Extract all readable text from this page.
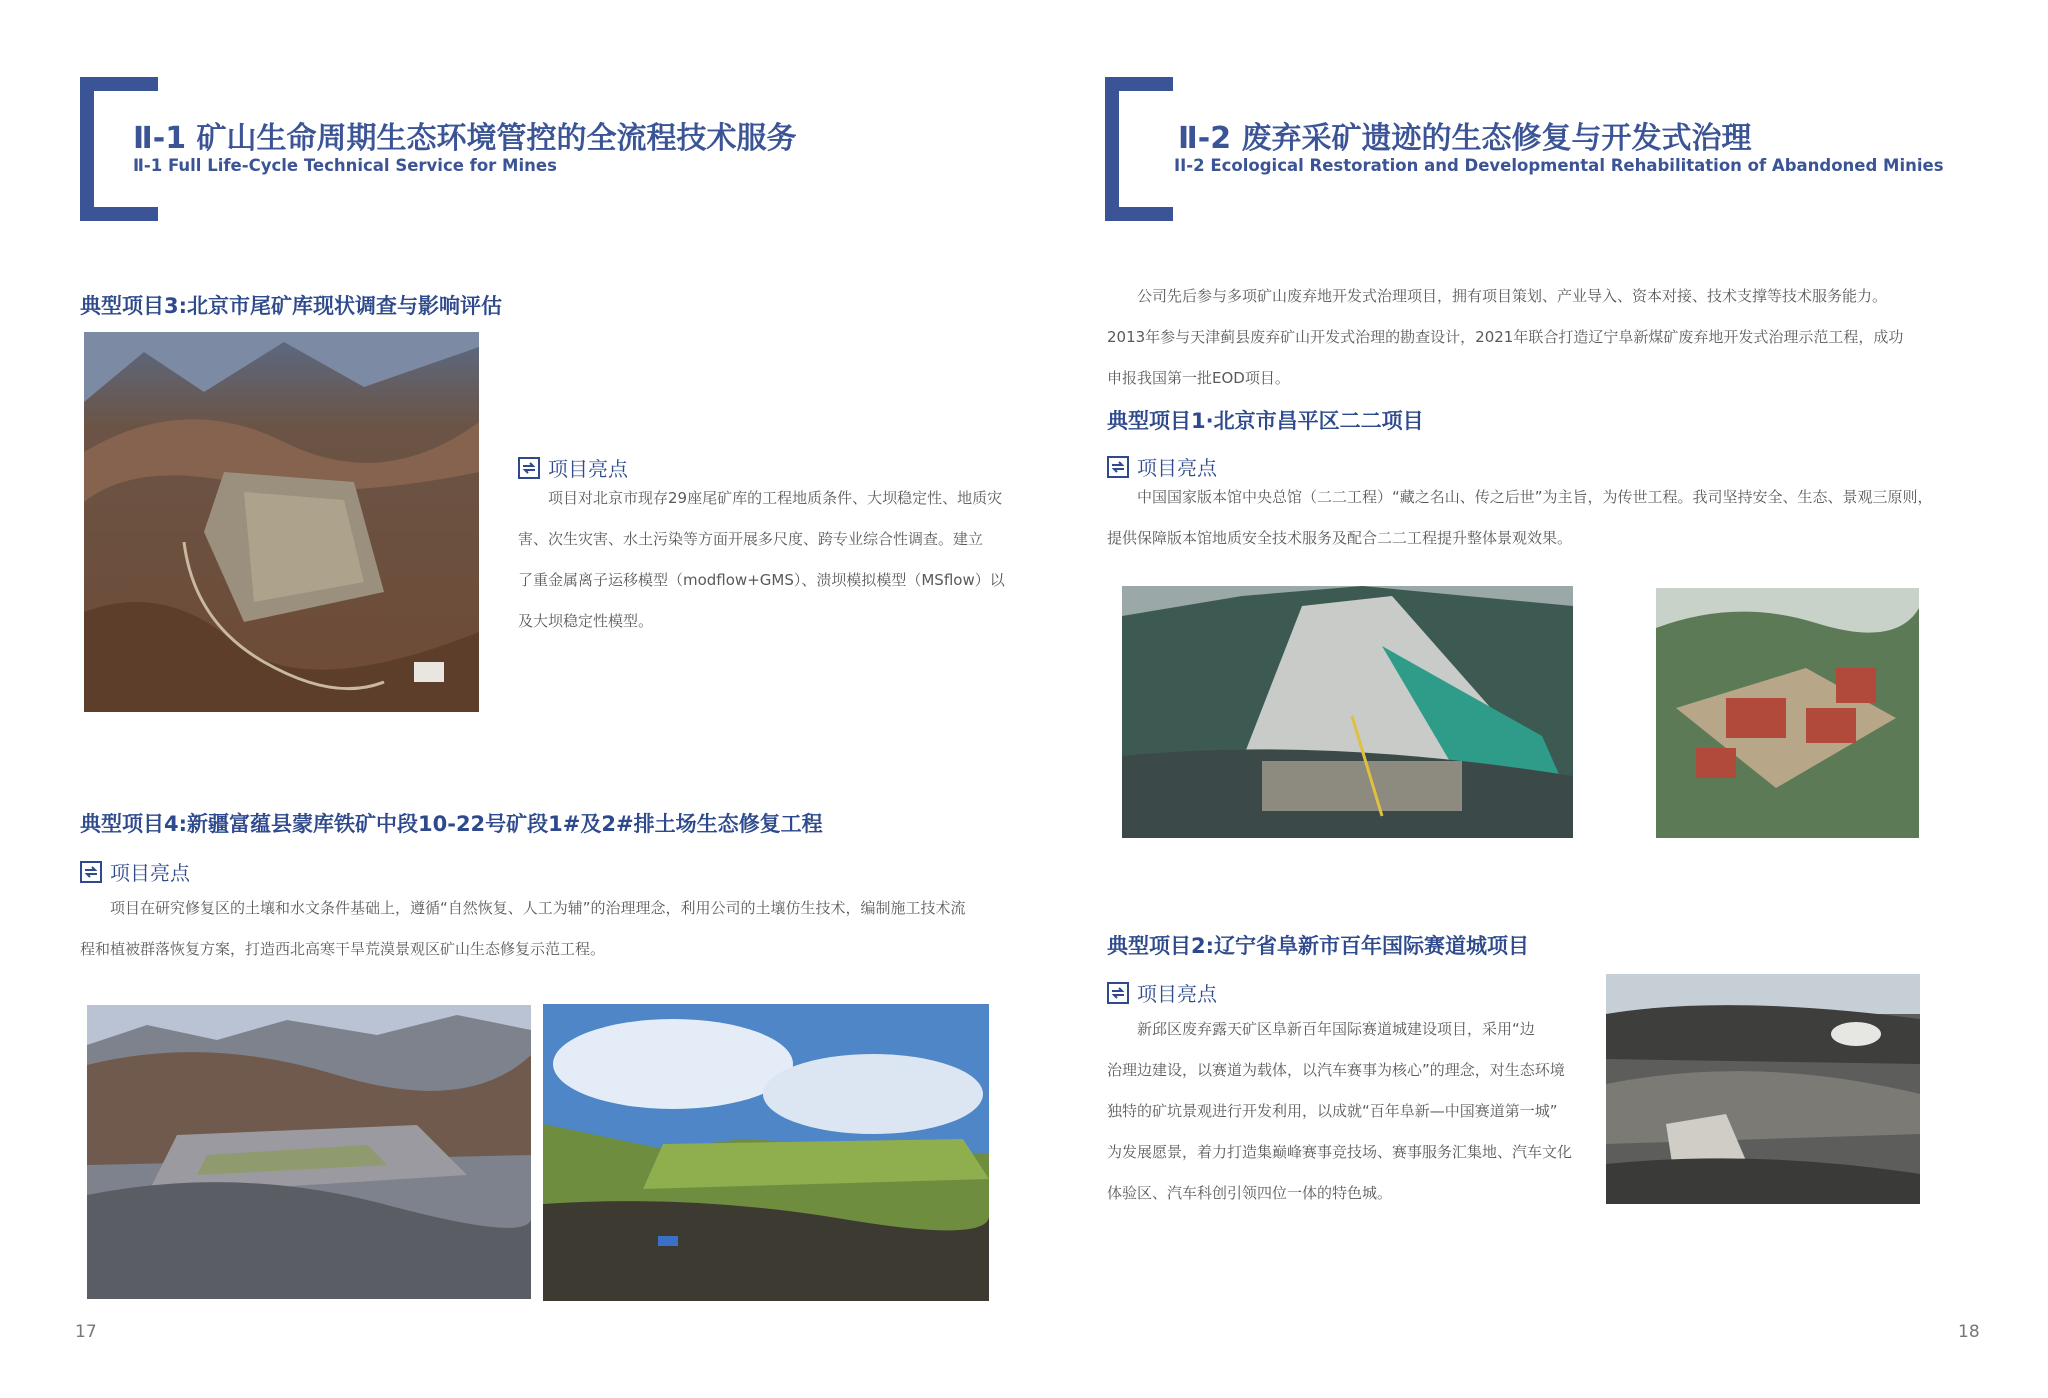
Ⅱ-1 矿山生命周期生态环境管控的全流程技术服务
Ⅱ-1 Full Life-Cycle Technical Service for Mines
典型项目3:北京市尾矿库现状调查与影响评估
项目亮点
　　项目对北京市现存29座尾矿库的工程地质条件、大坝稳定性、地质灾
害、次生灾害、水土污染等方面开展多尺度、跨专业综合性调查。建立
了重金属离子运移模型（modflow+GMS）、溃坝模拟模型（MSflow）以
及大坝稳定性模型。
典型项目4:新疆富蕴县蒙库铁矿中段10-22号矿段1#及2#排土场生态修复工程
项目亮点
　　项目在研究修复区的土壤和水文条件基础上，遵循“自然恢复、人工为辅”的治理理念，利用公司的土壤仿生技术，编制施工技术流
程和植被群落恢复方案，打造西北高寒干旱荒漠景观区矿山生态修复示范工程。
17
Ⅱ-2 废弃采矿遗迹的生态修复与开发式治理
II-2 Ecological Restoration and Developmental Rehabilitation of Abandoned Minies
　　公司先后参与多项矿山废弃地开发式治理项目，拥有项目策划、产业导入、资本对接、技术支撑等技术服务能力。
2013年参与天津蓟县废弃矿山开发式治理的勘查设计，2021年联合打造辽宁阜新煤矿废弃地开发式治理示范工程，成功
申报我国第一批EOD项目。
典型项目1·北京市昌平区二二项目
项目亮点
　　中国国家版本馆中央总馆（二二工程）“藏之名山、传之后世”为主旨，为传世工程。我司坚持安全、生态、景观三原则，
提供保障版本馆地质安全技术服务及配合二二工程提升整体景观效果。
典型项目2:辽宁省阜新市百年国际赛道城项目
项目亮点
　　新邱区废弃露天矿区阜新百年国际赛道城建设项目，采用“边
治理边建设，以赛道为载体，以汽车赛事为核心”的理念，对生态环境
独特的矿坑景观进行开发利用，以成就“百年阜新—中国赛道第一城”
为发展愿景，着力打造集巅峰赛事竞技场、赛事服务汇集地、汽车文化
体验区、汽车科创引领四位一体的特色城。
18
